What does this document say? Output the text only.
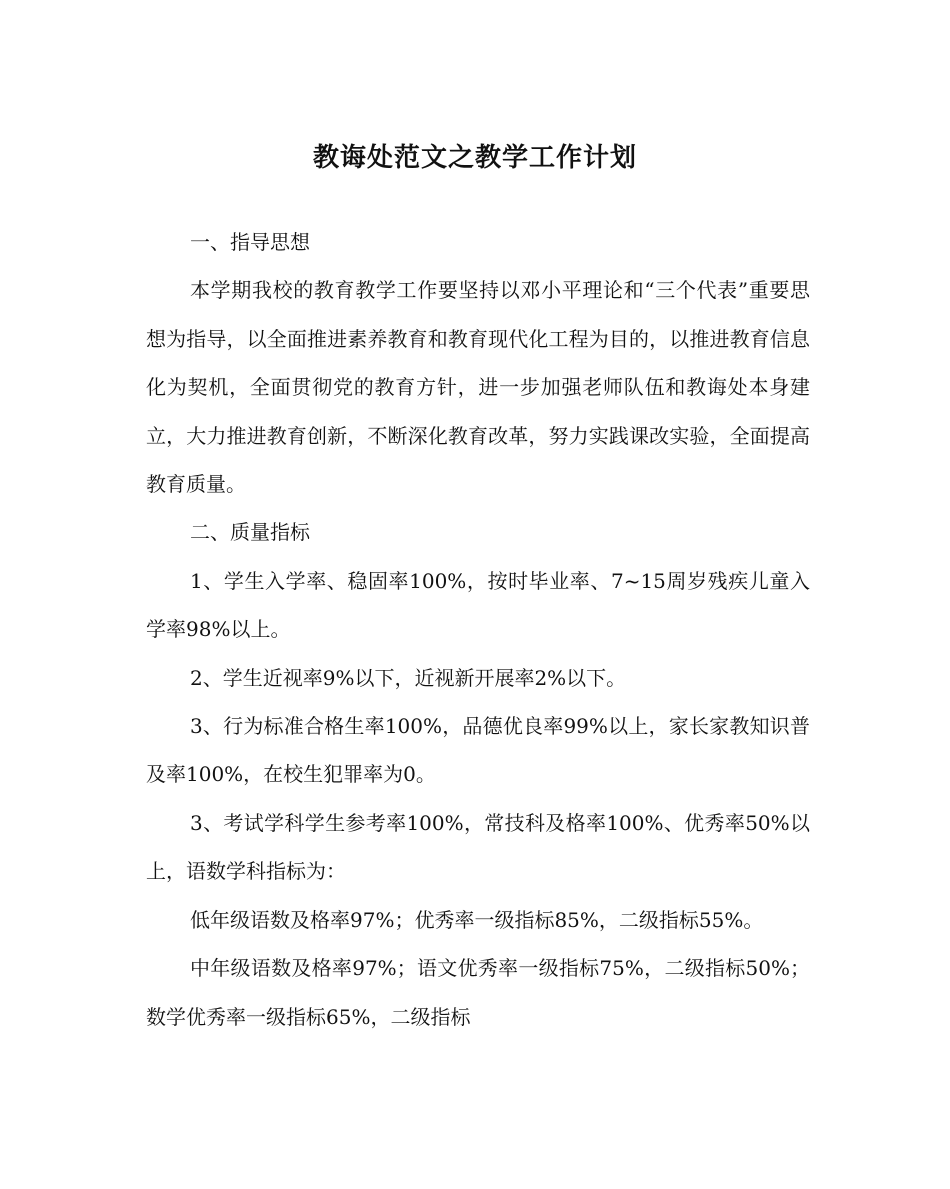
教诲处范文之教学工作计划

一、指导思想

本学期我校的教育教学工作要坚持以邓小平理论和“三个代表”重要思想为指导，以全面推进素养教育和教育现代化工程为目的，以推进教育信息化为契机，全面贯彻党的教育方针，进一步加强老师队伍和教诲处本身建立，大力推进教育创新，不断深化教育改革，努力实践课改实验，全面提高教育质量。

二、质量指标

1、学生入学率、稳固率100%，按时毕业率、7~15周岁残疾儿童入学率98%以上。

2、学生近视率9%以下，近视新开展率2%以下。

3、行为标准合格生率100%，品德优良率99%以上，家长家教知识普及率100%，在校生犯罪率为0。

3、考试学科学生参考率100%，常技科及格率100%、优秀率50%以上，语数学科指标为：

低年级语数及格率97%；优秀率一级指标85%，二级指标55%。

中年级语数及格率97%；语文优秀率一级指标75%，二级指标50%；数学优秀率一级指标65%，二级指标
